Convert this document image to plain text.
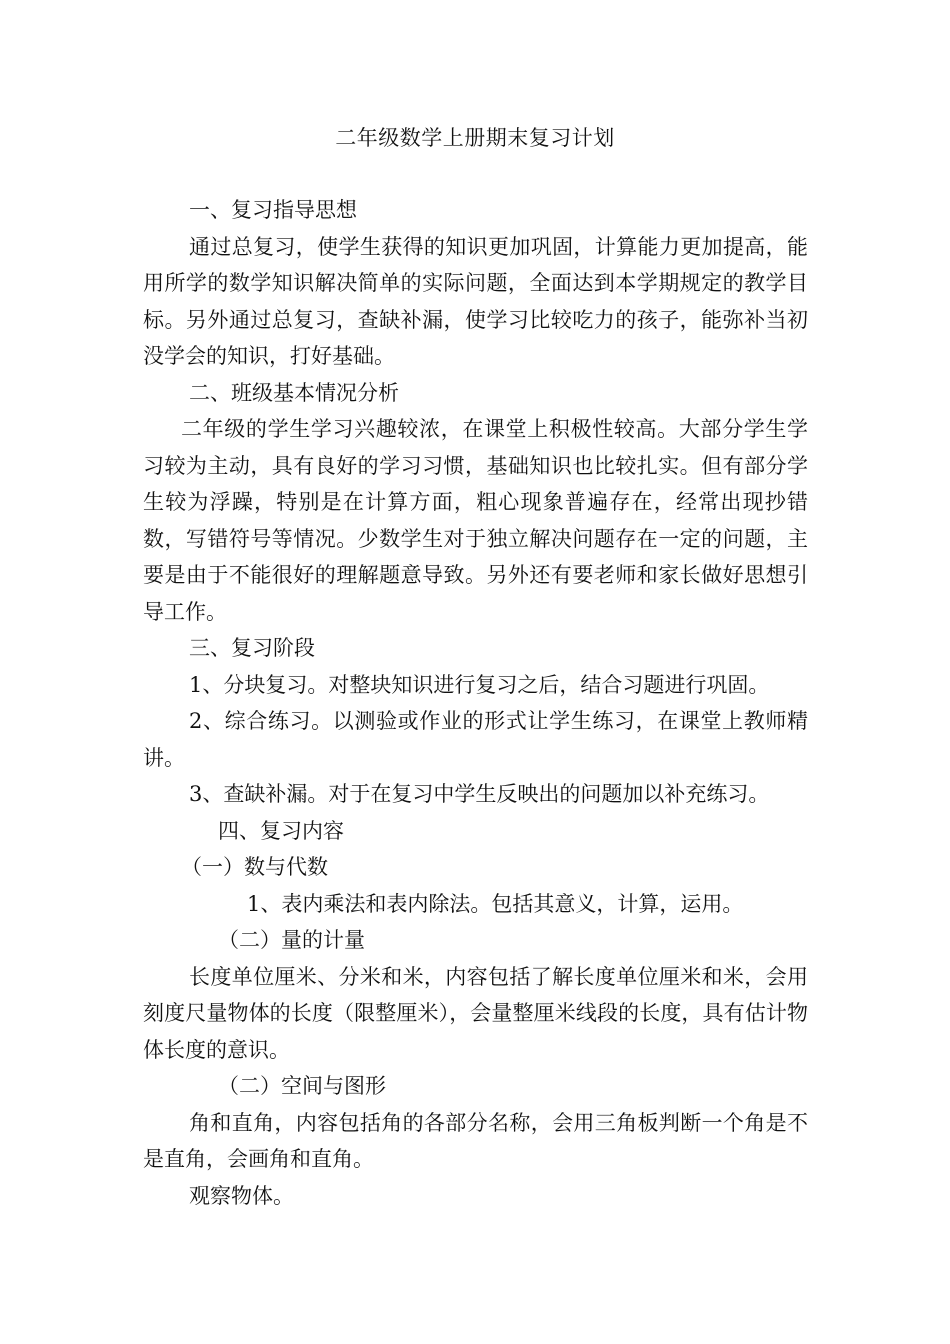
二年级数学上册期末复习计划

一、复习指导思想

通过总复习，使学生获得的知识更加巩固，计算能力更加提高，能用所学的数学知识解决简单的实际问题，全面达到本学期规定的教学目标。另外通过总复习，查缺补漏，使学习比较吃力的孩子，能弥补当初没学会的知识，打好基础。

二、班级基本情况分析

二年级的学生学习兴趣较浓，在课堂上积极性较高。大部分学生学习较为主动，具有良好的学习习惯，基础知识也比较扎实。但有部分学生较为浮躁，特别是在计算方面，粗心现象普遍存在，经常出现抄错数，写错符号等情况。少数学生对于独立解决问题存在一定的问题，主要是由于不能很好的理解题意导致。另外还有要老师和家长做好思想引导工作。

三、复习阶段

1、分块复习。对整块知识进行复习之后，结合习题进行巩固。

2、综合练习。以测验或作业的形式让学生练习，在课堂上教师精讲。

3、查缺补漏。对于在复习中学生反映出的问题加以补充练习。

四、复习内容

（一）数与代数

1、表内乘法和表内除法。包括其意义，计算，运用。

（二）量的计量

长度单位厘米、分米和米，内容包括了解长度单位厘米和米，会用刻度尺量物体的长度（限整厘米），会量整厘米线段的长度，具有估计物体长度的意识。

（二）空间与图形

角和直角，内容包括角的各部分名称，会用三角板判断一个角是不是直角，会画角和直角。

观察物体。
